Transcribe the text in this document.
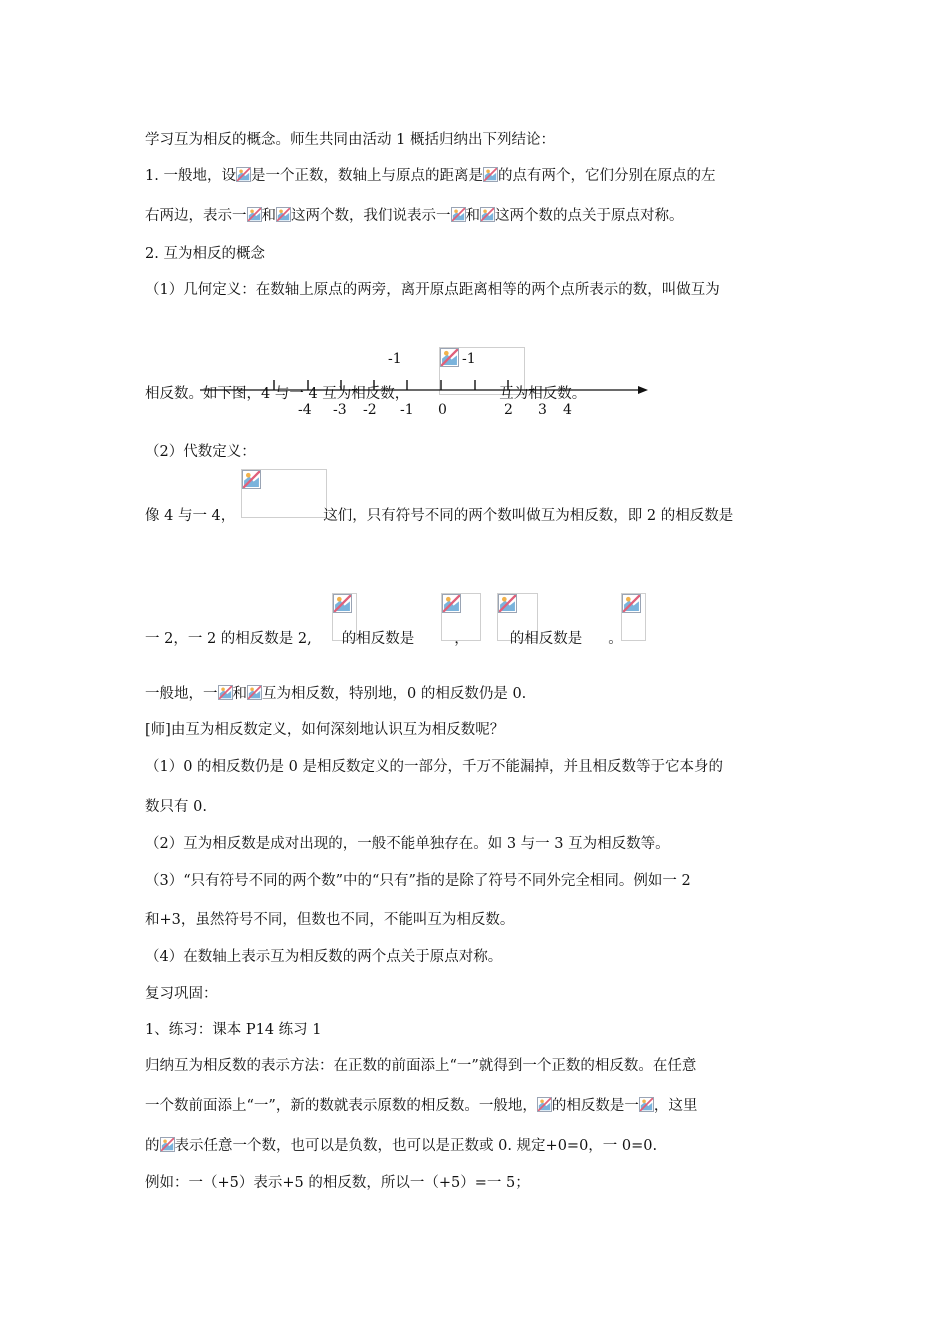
学习互为相反的概念。师生共同由活动 1 概括归纳出下列结论：
1. 一般地，设 是一个正数，数轴上与原点的距离是 的点有两个，它们分别在原点的左
右两边，表示一 和 这两个数，我们说表示一 和 这两个数的点关于原点对称。
2. 互为相反的概念
（1）几何定义：在数轴上原点的两旁，离开原点距离相等的两个点所表示的数，叫做互为
-1	-1
相反数。如下图，4 与一 4 互为相反数，	互为相反数。
-4 -3 -2 -1 0	2 3 4
（2）代数定义：
像 4 与一 4，	这们，只有符号不同的两个数叫做互为相反数，即 2 的相反数是
一 2，一 2 的相反数是 2, 的相反数是	，	的相反数是 。
一般地，一 和 互为相反数，特别地，0 的相反数仍是 0.
[师]由互为相反数定义，如何深刻地认识互为相反数呢？
（1）0 的相反数仍是 0 是相反数定义的一部分，千万不能漏掉，并且相反数等于它本身的
数只有 0.
（2）互为相反数是成对出现的，一般不能单独存在。如 3 与一 3 互为相反数等。
（3）“只有符号不同的两个数”中的“只有”指的是除了符号不同外完全相同。例如一 2
和+3，虽然符号不同，但数也不同，不能叫互为相反数。
（4）在数轴上表示互为相反数的两个点关于原点对称。
复习巩固：
1、练习：课本 P14 练习 1
归纳互为相反数的表示方法：在正数的前面添上“一”就得到一个正数的相反数。在任意
一个数前面添上“一”，新的数就表示原数的相反数。一般地， 的相反数是一 ，这里
的 表示任意一个数，也可以是负数，也可以是正数或 0. 规定+0=0，一 0=0.
例如：一（+5）表示+5 的相反数，所以一（+5）=一 5；
